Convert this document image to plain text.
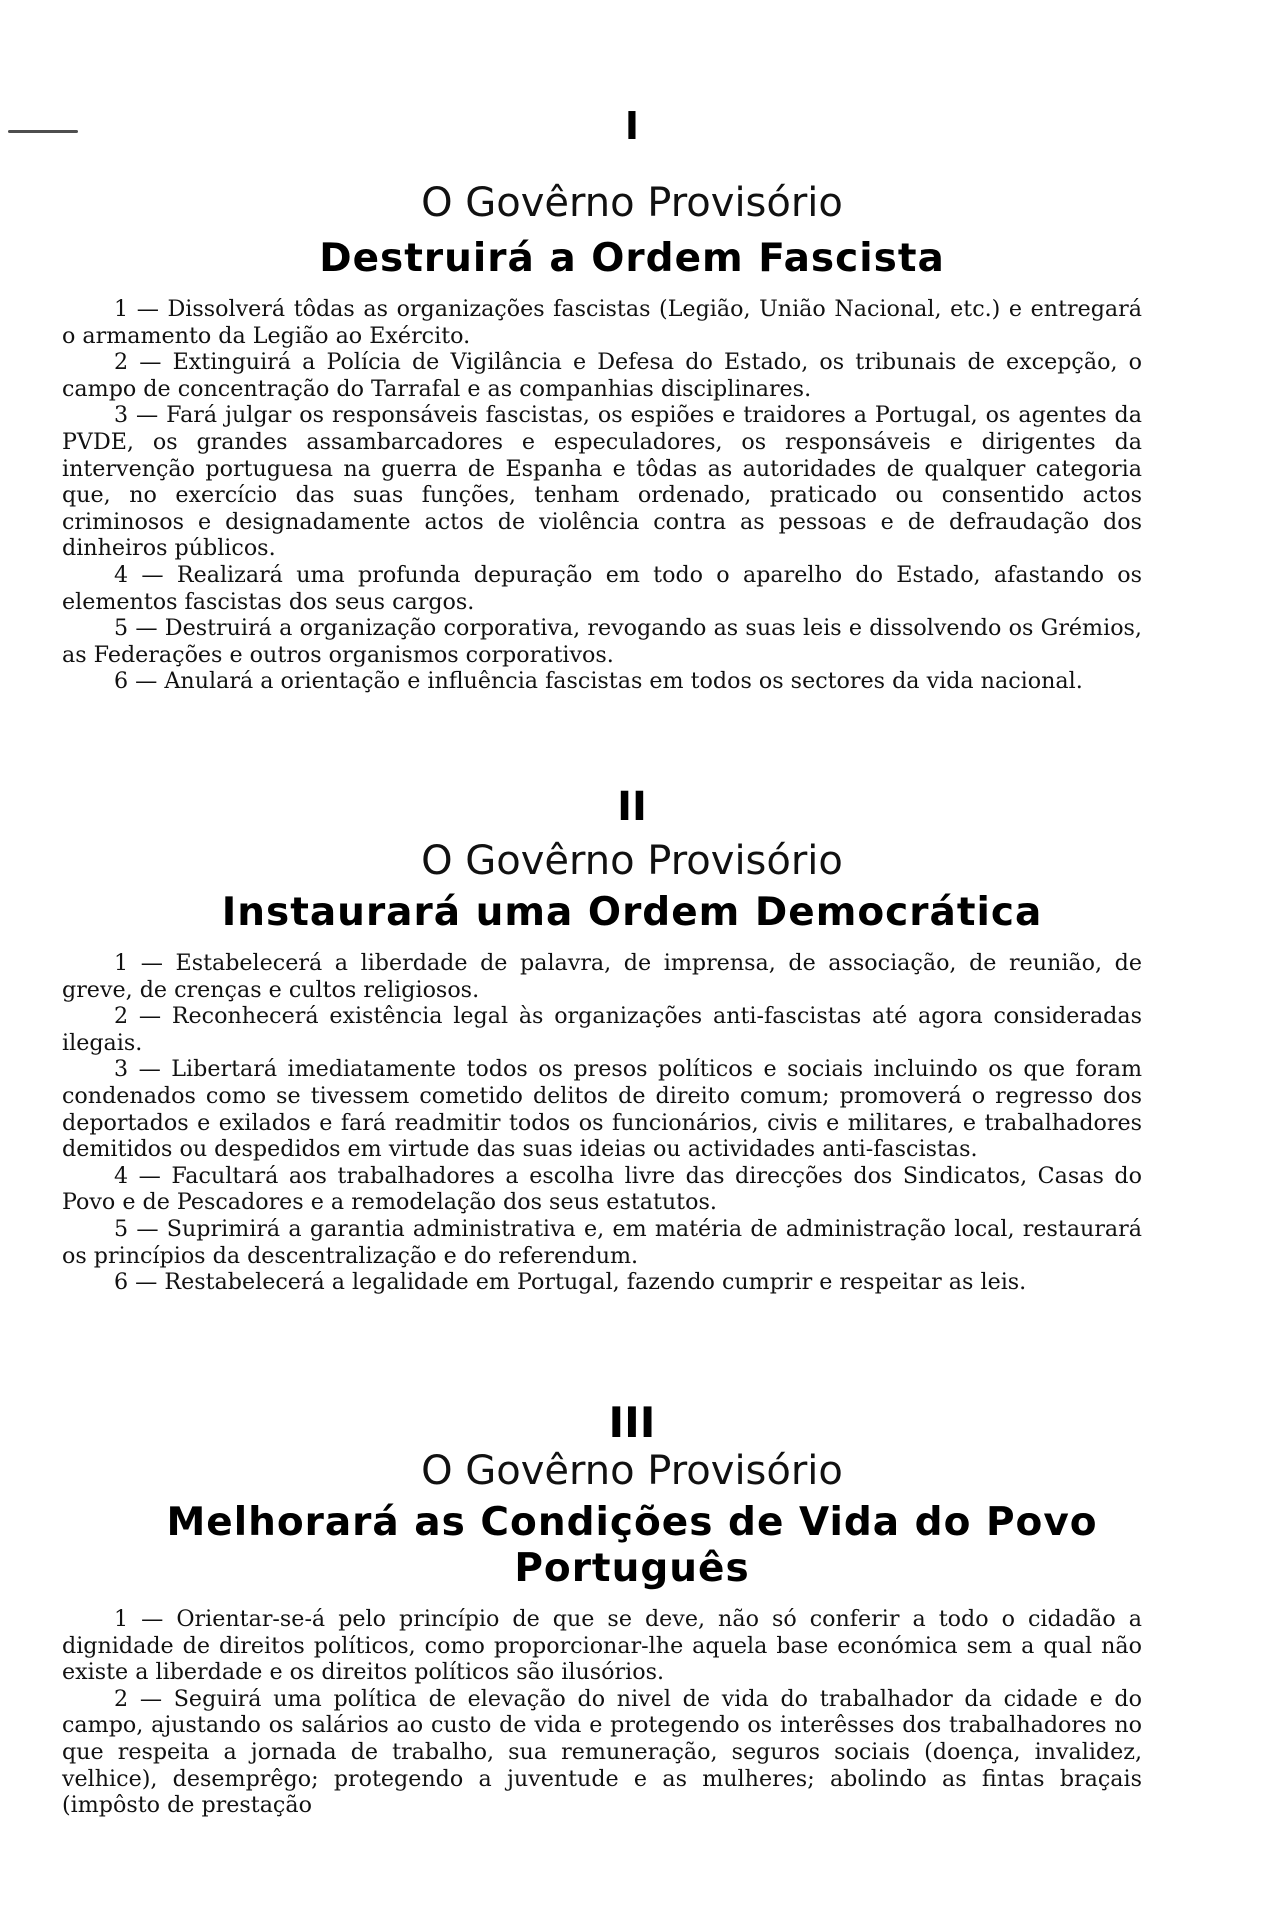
I
O Govêrno Provisório
Destruirá a Ordem Fascista

1 — Dissolverá tôdas as organizações fascistas (Legião, União Nacional, etc.) e entregará o armamento da Legião ao Exército.

2 — Extinguirá a Polícia de Vigilância e Defesa do Estado, os tribunais de excepção, o campo de concentração do Tarrafal e as companhias disciplinares.

3 — Fará julgar os responsáveis fascistas, os espiões e traidores a Portugal, os agentes da PVDE, os grandes assambarcadores e especuladores, os responsáveis e dirigentes da intervenção portuguesa na guerra de Espanha e tôdas as autoridades de qualquer categoria que, no exercício das suas funções, tenham ordenado, praticado ou consentido actos criminosos e designadamente actos de violência contra as pessoas e de defraudação dos dinheiros públicos.

4 — Realizará uma profunda depuração em todo o aparelho do Estado, afastando os elementos fascistas dos seus cargos.

5 — Destruirá a organização corporativa, revogando as suas leis e dissolvendo os Grémios, as Federações e outros organismos corporativos.

6 — Anulará a orientação e influência fascistas em todos os sectores da vida nacional.

II
O Govêrno Provisório
Instaurará uma Ordem Democrática

1 — Estabelecerá a liberdade de palavra, de imprensa, de associação, de reunião, de greve, de crenças e cultos religiosos.

2 — Reconhecerá existência legal às organizações anti-fascistas até agora consideradas ilegais.

3 — Libertará imediatamente todos os presos políticos e sociais incluindo os que foram condenados como se tivessem cometido delitos de direito comum; promoverá o regresso dos deportados e exilados e fará readmitir todos os funcionários, civis e militares, e trabalhadores demitidos ou despedidos em virtude das suas ideias ou actividades anti-fascistas.

4 — Facultará aos trabalhadores a escolha livre das direcções dos Sindicatos, Casas do Povo e de Pescadores e a remodelação dos seus estatutos.

5 — Suprimirá a garantia administrativa e, em matéria de administração local, restaurará os princípios da descentralização e do referendum.

6 — Restabelecerá a legalidade em Portugal, fazendo cumprir e respeitar as leis.

III
O Govêrno Provisório
Melhorará as Condições de Vida do Povo
Português

1 — Orientar-se-á pelo princípio de que se deve, não só conferir a todo o cidadão a dignidade de direitos políticos, como proporcionar-lhe aquela base económica sem a qual não existe a liberdade e os direitos políticos são ilusórios.

2 — Seguirá uma política de elevação do nivel de vida do trabalhador da cidade e do campo, ajustando os salários ao custo de vida e protegendo os interêsses dos trabalhadores no que respeita a jornada de trabalho, sua remuneração, seguros sociais (doença, invalidez, velhice), desemprêgo; protegendo a juventude e as mulheres; abolindo as fintas braçais (impôsto de prestação
